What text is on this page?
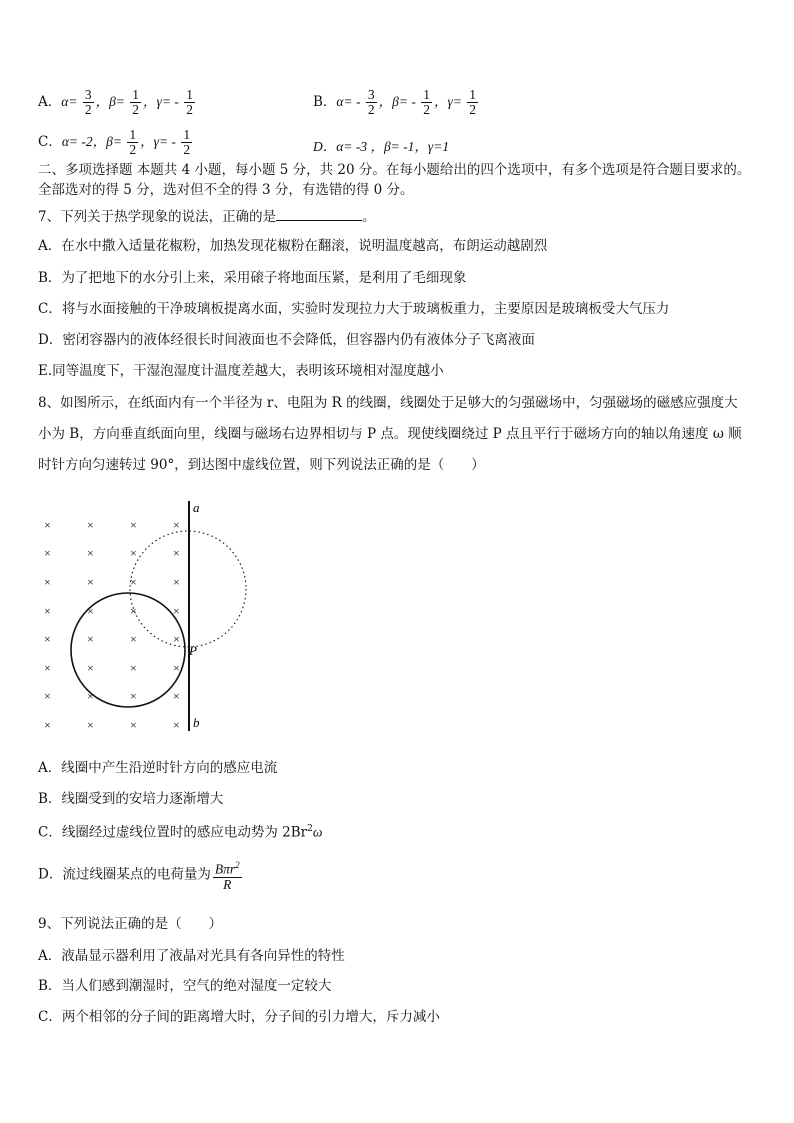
A．$\alpha= \frac{3}{2}$ ，$\beta= \frac{1}{2}$ ，$\gamma= - \frac{1}{2}$	B．$\alpha= - \frac{3}{2}$ ，$\beta= - \frac{1}{2}$ ，$\gamma= \frac{1}{2}$
C．α= -2，$\beta= \frac{1}{2}$ ，$\gamma= - \frac{1}{2}$	D．α= -3 ，β= -1，γ=1
二、多项选择题 本题共 4 小题，每小题 5 分，共 20 分。在每小题给出的四个选项中，有多个选项是符合题目要求的。
全部选对的得 5 分，选对但不全的得 3 分，有选错的得 0 分。
7、下列关于热学现象的说法，正确的是	。
A．在水中撒入适量花椒粉，加热发现花椒粉在翻滚，说明温度越高，布朗运动越剧烈
B．为了把地下的水分引上来，采用磙子将地面压紧，是利用了毛细现象
C．将与水面接触的干净玻璃板提离水面，实验时发现拉力大于玻璃板重力，主要原因是玻璃板受大气压力
D．密闭容器内的液体经很长时间液面也不会降低，但容器内仍有液体分子飞离液面
E.同等温度下，干湿泡湿度计温度差越大，表明该环境相对湿度越小
8、如图所示，在纸面内有一个半径为 r、电阻为 R 的线圈，线圈处于足够大的匀强磁场中，匀强磁场的磁感应强度大
小为 B，方向垂直纸面向里，线圈与磁场右边界相切与 P 点。现使线圈绕过 P 点且平行于磁场方向的轴以角速度 ω 顺
时针方向匀速转过 90°，到达图中虚线位置，则下列说法正确的是（　　）
×	×	×	×
×	×	×	×
×	×	×	×
×	×	×	×
×	×	×	×
×	×	×	×
×	×	×	×
×	×	×	×
a
P
b
A．线圈中产生沿逆时针方向的感应电流
B．线圈受到的安培力逐渐增大
C．线圈经过虚线位置时的感应电动势为 2Br$^2$ω
D．流过线圈某点的电荷量为 $\frac{B\pi r^2}{R}$
9、下列说法正确的是（　　）
A．液晶显示器利用了液晶对光具有各向异性的特性
B．当人们感到潮湿时，空气的绝对湿度一定较大
C．两个相邻的分子间的距离增大时，分子间的引力增大，斥力减小
